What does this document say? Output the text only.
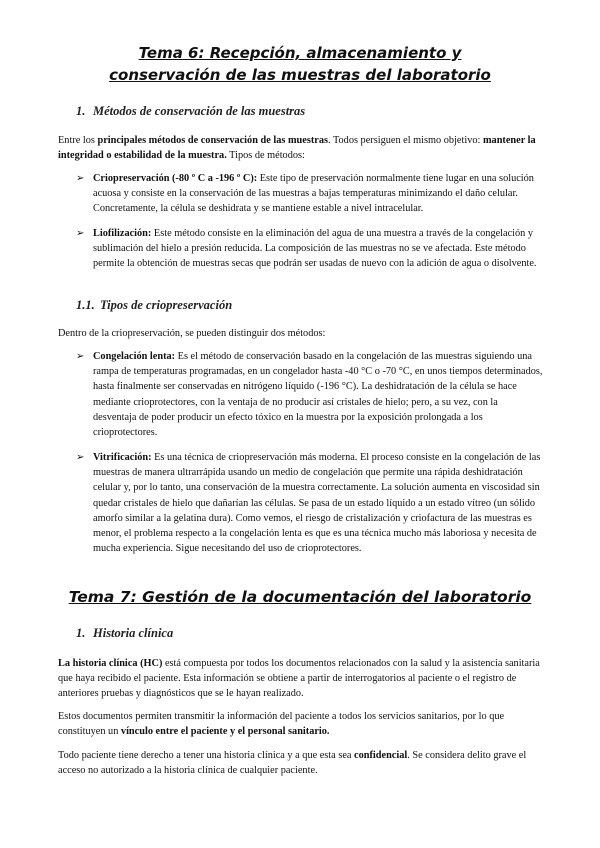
Tema 6: Recepción, almacenamiento y
conservación de las muestras del laboratorio
1. Métodos de conservación de las muestras

Entre los principales métodos de conservación de las muestras. Todos persiguen el mismo objetivo: mantener la integridad o estabilidad de la muestra. Tipos de métodos:

➢ Criopreservación (-80 º C a -196 º C): Este tipo de preservación normalmente tiene lugar en una solución acuosa y consiste en la conservación de las muestras a bajas temperaturas minimizando el daño celular. Concretamente, la célula se deshidrata y se mantiene estable a nivel intracelular.

➢ Liofilización: Este método consiste en la eliminación del agua de una muestra a través de la congelación y sublimación del hielo a presión reducida. La composición de las muestras no se ve afectada. Este método permite la obtención de muestras secas que podrán ser usadas de nuevo con la adición de agua o disolvente.

1.1. Tipos de criopreservación

Dentro de la criopreservación, se pueden distinguir dos métodos:

➢ Congelación lenta: Es el método de conservación basado en la congelación de las muestras siguiendo una rampa de temperaturas programadas, en un congelador hasta -40 °C o -70 °C, en unos tiempos determinados, hasta finalmente ser conservadas en nitrógeno líquido (-196 °C). La deshidratación de la célula se hace mediante crioprotectores, con la ventaja de no producir así cristales de hielo; pero, a su vez, con la desventaja de poder producir un efecto tóxico en la muestra por la exposición prolongada a los crioprotectores.

➢ Vitrificación: Es una técnica de criopreservación más moderna. El proceso consiste en la congelación de las muestras de manera ultrarrápida usando un medio de congelación que permite una rápida deshidratación celular y, por lo tanto, una conservación de la muestra correctamente. La solución aumenta en viscosidad sin quedar cristales de hielo que dañarían las células. Se pasa de un estado líquido a un estado vítreo (un sólido amorfo similar a la gelatina dura). Como vemos, el riesgo de cristalización y criofactura de las muestras es menor, el problema respecto a la congelación lenta es que es una técnica mucho más laboriosa y necesita de mucha experiencia. Sigue necesitando del uso de crioprotectores.

Tema 7: Gestión de la documentación del laboratorio
1. Historia clínica

La historia clínica (HC) está compuesta por todos los documentos relacionados con la salud y la asistencia sanitaria que haya recibido el paciente. Esta información se obtiene a partir de interrogatorios al paciente o el registro de anteriores pruebas y diagnósticos que se le hayan realizado.

Estos documentos permiten transmitir la información del paciente a todos los servicios sanitarios, por lo que constituyen un vínculo entre el paciente y el personal sanitario.

Todo paciente tiene derecho a tener una historia clínica y a que esta sea confidencial. Se considera delito grave el acceso no autorizado a la historia clínica de cualquier paciente.
